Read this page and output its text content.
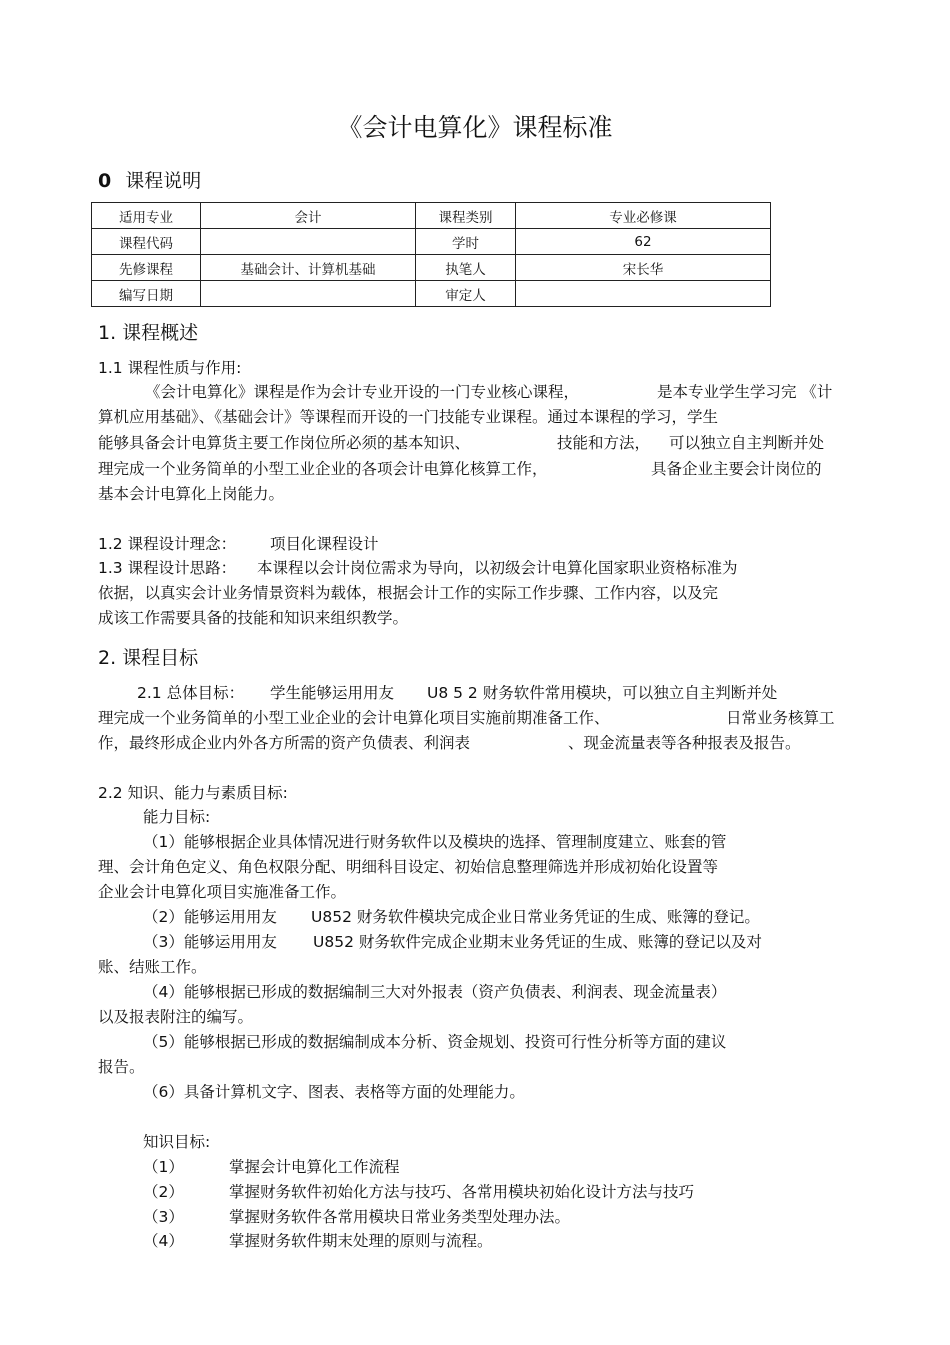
《会计电算化》课程标准
0 课程说明
适用专业	会计	课程类别	专业必修课
课程代码		学时	62
先修课程	基础会计、计算机基础	执笔人	宋长华
编写日期		审定人	
1. 课程概述
1.1 课程性质与作用:
《会计电算化》课程是作为会计专业开设的一门专业核心课程，	是本专业学生学习完 《计
算机应用基础》、《基础会计》等课程而开设的一门技能专业课程。通过本课程的学习，学生
能够具备会计电算货主要工作岗位所必须的基本知识、	技能和方法， 可以独立自主判断并处
理完成一个业务简单的小型工业企业的各项会计电算化核算工作，	具备企业主要会计岗位的
基本会计电算化上岗能力。
1.2 课程设计理念： 项目化课程设计
1.3 课程设计思路： 本课程以会计岗位需求为导向，以初级会计电算化国家职业资格标准为
依据，以真实会计业务情景资料为载体，根据会计工作的实际工作步骤、工作内容，以及完
成该工作需要具备的技能和知识来组织教学。
2. 课程目标
2.1 总体目标： 学生能够运用用友 U8 5 2 财务软件常用模块，可以独立自主判断并处
理完成一个业务简单的小型工业企业的会计电算化项目实施前期准备工作、	日常业务核算工
作，最终形成企业内外各方所需的资产负债表、利润表	、现金流量表等各种报表及报告。
2.2 知识、能力与素质目标:
能力目标:
（1）能够根据企业具体情况进行财务软件以及模块的选择、管理制度建立、账套的管
理、会计角色定义、角色权限分配、明细科目设定、初始信息整理筛选并形成初始化设置等
企业会计电算化项目实施准备工作。
（2）能够运用用友 U852 财务软件模块完成企业日常业务凭证的生成、账簿的登记。
（3）能够运用用友 U852 财务软件完成企业期末业务凭证的生成、账簿的登记以及对
账、结账工作。
（4）能够根据已形成的数据编制三大对外报表（资产负债表、利润表、现金流量表）
以及报表附注的编写。
（5）能够根据已形成的数据编制成本分析、资金规划、投资可行性分析等方面的建议
报告。
（6）具备计算机文字、图表、表格等方面的处理能力。
知识目标:
（1）	掌握会计电算化工作流程
（2）	掌握财务软件初始化方法与技巧、各常用模块初始化设计方法与技巧
（3）	掌握财务软件各常用模块日常业务类型处理办法。
（4）	掌握财务软件期末处理的原则与流程。
